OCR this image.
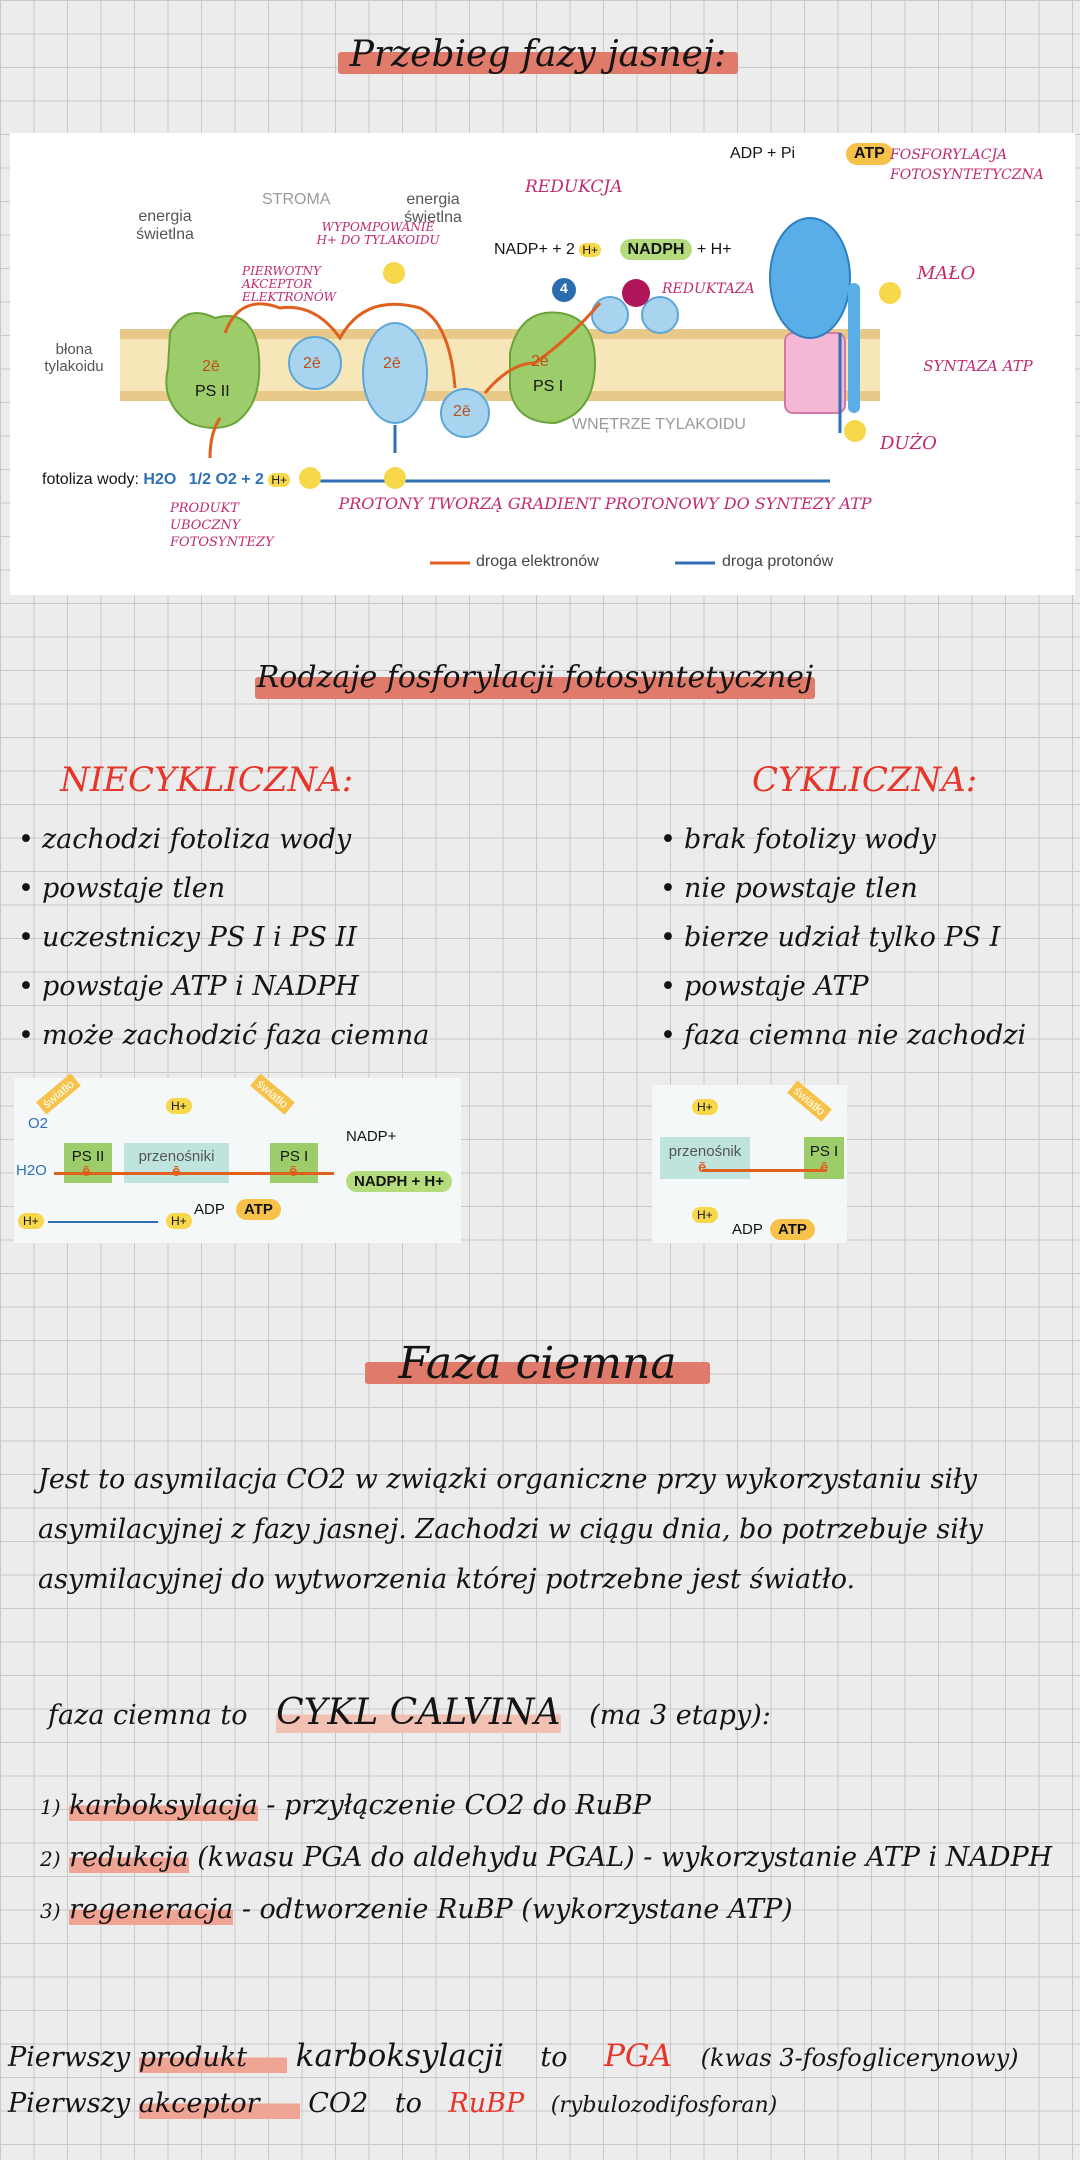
Przebieg fazy jasnej:
STROMA
energia świetlna
energia świetlna
błona tylakoidu
PS II	PS I
2ē	2ē	2ē
2ē
2ē
4
WNĘTRZE TYLAKOIDU
fotoliza wody: H2O 1/2 O2 + 2 H+
NADP+ + 2 H+ NADPH + H+
ADP + Pi	ATP
droga elektronów	droga protonów
REDUKCJA
WYPOMPOWANIE H+ DO TYLAKOIDU
PIERWOTNY AKCEPTOR ELEKTRONÓW	REDUKTAZA
FOSFORYLACJA FOTOSYNTETYCZNA
MAŁO
SYNTAZA ATP
DUŻO
PRODUKT UBOCZNY FOTOSYNTEZY
PROTONY TWORZĄ GRADIENT PROTONOWY DO SYNTEZY ATP
Rodzaje fosforylacji fotosyntetycznej
NIECYKLICZNA:
• zachodzi fotoliza wody
• powstaje tlen
• uczestniczy PS I i PS II
• powstaje ATP i NADPH
• może zachodzić faza ciemna
CYKLICZNA:
• brak fotolizy wody
• nie powstaje tlen
• bierze udział tylko PS I
• powstaje ATP
• faza ciemna nie zachodzi
światło	światło
O2
H2O
PS II	przenośniki	PS I
ē	ē	ē
H+
H+
H+
NADP+
NADPH + H+
ADP	ATP
światło
przenośnik	PS I
ē	ē
H+
H+
ADP	ATP
Faza ciemna
Jest to asymilacja CO2 w związki organiczne przy wykorzystaniu siły asymilacyjnej z fazy jasnej. Zachodzi w ciągu dnia, bo potrzebuje siły asymilacyjnej do wytworzenia której potrzebne jest światło.
faza ciemna to CYKL CALVINA (ma 3 etapy):
1) karboksylacja - przyłączenie CO2 do RuBP
2) redukcja (kwasu PGA do aldehydu PGAL) - wykorzystanie ATP i NADPH
3) regeneracja - odtworzenie RuBP (wykorzystane ATP)
Pierwszy produkt karboksylacji to PGA (kwas 3-fosfoglicerynowy)
Pierwszy akceptor CO2 to RuBP (rybulozodifosforan)
